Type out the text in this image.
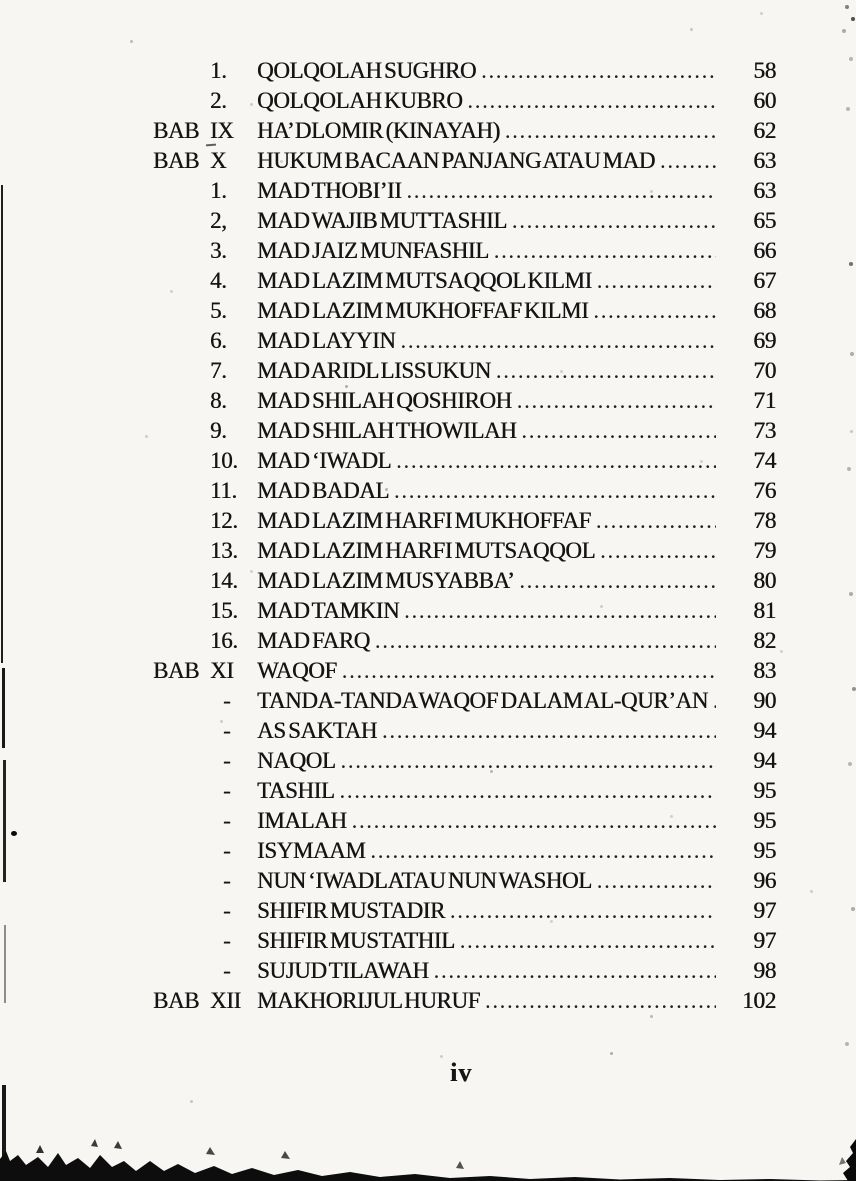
1.	QOLQOLAH SUGHRO .....	58
2.	QOLQOLAH KUBRO .....	60
BAB IX	HA’ DLOMIR (KINAYAH) .....	62
BAB X	HUKUM BACAAN PANJANG ATAU MAD .....	63
1.	MAD THOBI’II .....	63
2,	MAD WAJIB MUTTASHIL .....	65
3.	MAD JAIZ MUNFASHIL .....	66
4.	MAD LAZIM MUTSAQQOL KILMI .....	67
5.	MAD LAZIM MUKHOFFAF KILMI .....	68
6.	MAD LAYYIN .....	69
7.	MAD ARIDL LISSUKUN .....	70
8.	MAD SHILAH QOSHIROH .....	71
9.	MAD SHILAH THOWILAH .....	73
10. MAD ‘IWADL .....	74
11. MAD BADAL .....	76
12. MAD LAZIM HARFI MUKHOFFAF .....	78
13. MAD LAZIM HARFI MUTSAQQOL .....	79
14. MAD LAZIM MUSYABBA’ .....	80
15. MAD TAMKIN .....	81
16. MAD FARQ .....	82
BAB XI	WAQOF .....	83
-	TANDA-TANDA WAQOF DALAM AL-QUR’AN .....	90
-	AS SAKTAH .....	94
-	NAQOL .....	94
-	TASHIL .....	95
-	IMALAH .....	95
-	ISYMAAM .....	95
-	NUN ‘IWADL ATAU NUN WASHOL .....	96
-	SHIFIR MUSTADIR .....	97
-	SHIFIR MUSTATHIL .....	97
-	SUJUD TILAWAH .....	98
BAB XII MAKHORIJUL HURUF .....	102
iv
